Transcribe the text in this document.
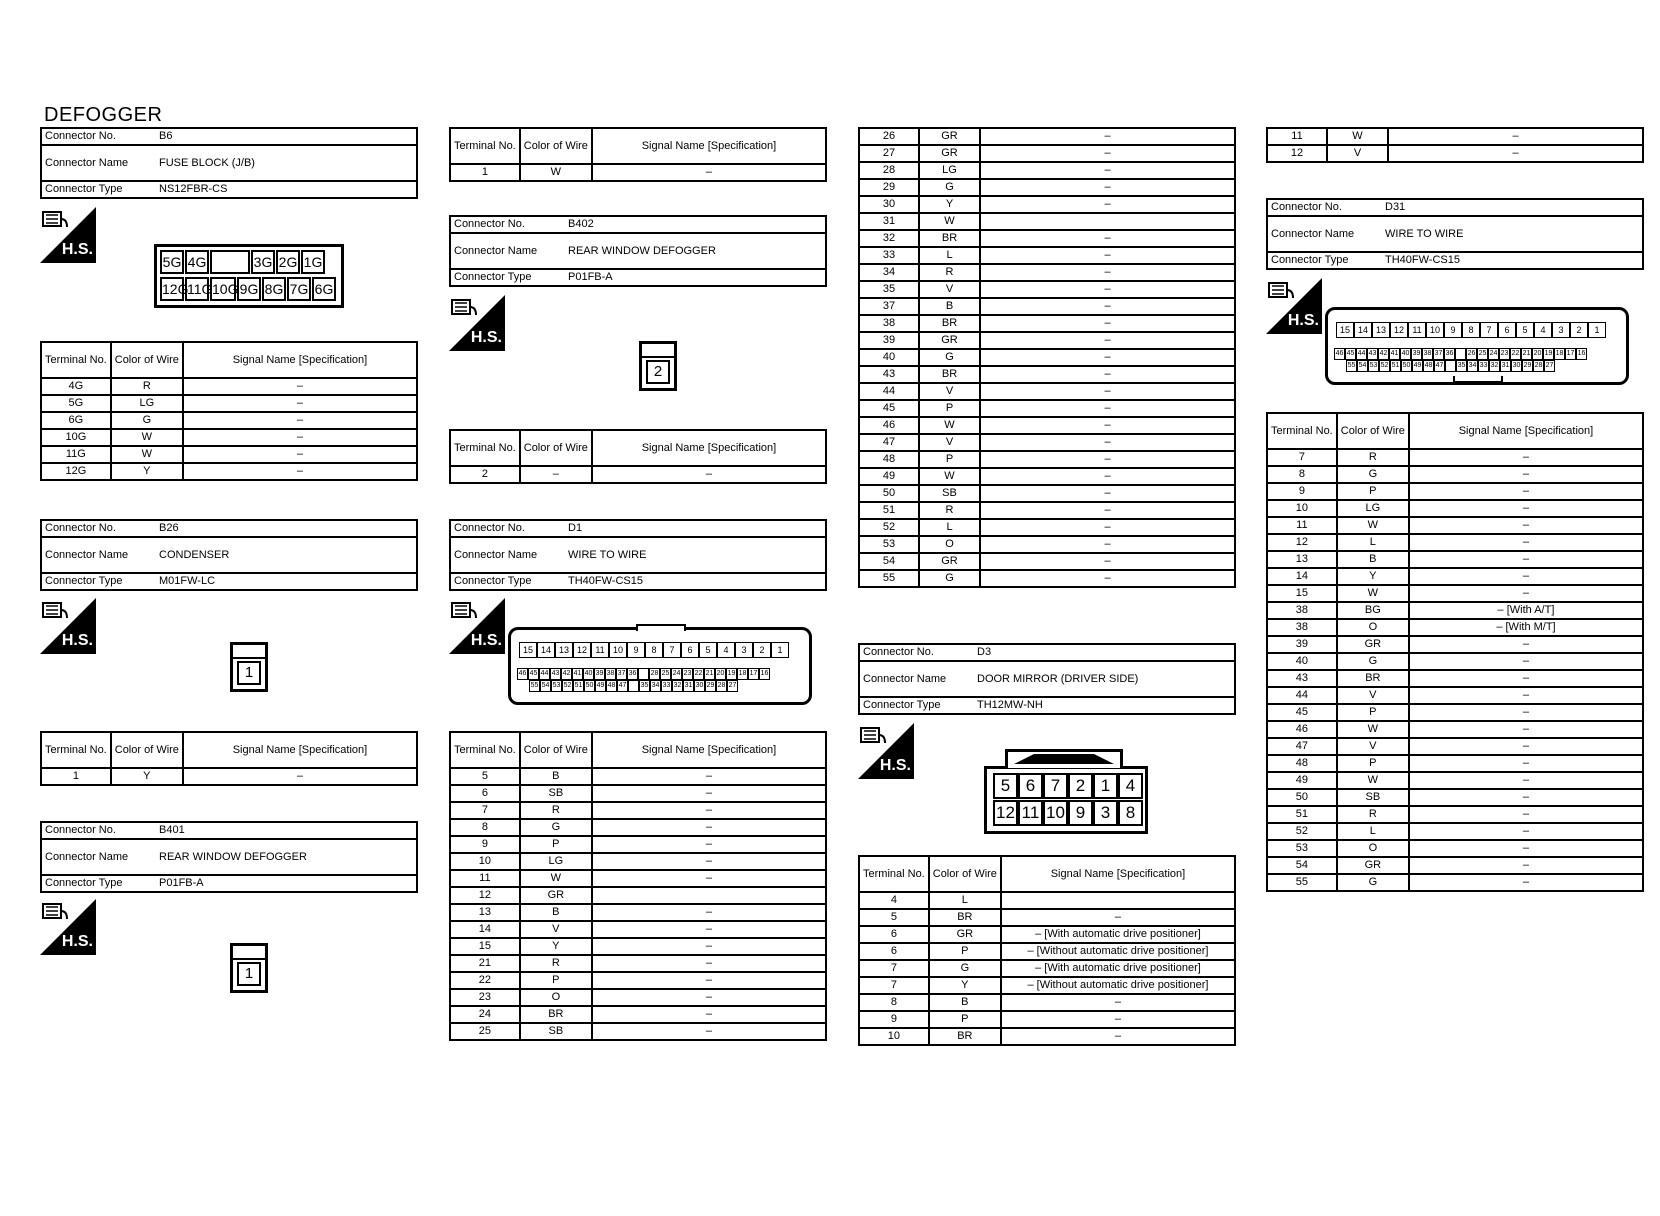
DEFOGGER
Connector No.	B6
Connector Name	FUSE BLOCK (J/B)
Connector Type	NS12FBR-CS
H.S.
5G 4G	3G 2G 1G
12G
11G 10G 9G 8G 7G 6G
Terminal No.	Color of Wire	Signal Name [Specification]
4G	R	–
5G	LG	–
6G	G	–
10G	W	–
11G	W	–
12G	Y	–
Connector No.	B26
Connector Name	CONDENSER
Connector Type	M01FW-LC
H.S.
1
Terminal No.	Color of Wire	Signal Name [Specification]
1	Y	–
Connector No.	B401
Connector Name	REAR WINDOW DEFOGGER
Connector Type	P01FB-A
H.S.
1
Terminal No.	Color of Wire	Signal Name [Specification]
1	W	–
Connector No.	B402
Connector Name	REAR WINDOW DEFOGGER
Connector Type	P01FB-A
H.S.
2
Terminal No.	Color of Wire	Signal Name [Specification]
2	–	–
Connector No.	D1
Connector Name	WIRE TO WIRE
Connector Type	TH40FW-CS15
H.S.
15 14 13 12 11 10	9	8	7	6	5	4	3	2	1
46 45 44 43 42 41 40 39 38 37 36 28 25 24 23 22 21 20 19 18 17 16
55 54 53 52 51 50 49 48 47 35 34 33 32 31 30 29 28 27
Terminal No.	Color of Wire	Signal Name [Specification]
5	B	–
6	SB	–
7	R	–
8	G	–
9	P	–
10	LG	–
11	W	–
12	GR	
13	B	–
14	V	–
15	Y	–
21	R	–
22	P	–
23	O	–
24	BR	–
25	SB	–
26	GR	–
27	GR	–
28	LG	–
29	G	–
30	Y	–
31	W	
32	BR	–
33	L	–
34	R	–
35	V	–
37	B	–
38	BR	–
39	GR	–
40	G	–
43	BR	–
44	V	–
45	P	–
46	W	–
47	V	–
48	P	–
49	W	–
50	SB	–
51	R	–
52	L	–
53	O	–
54	GR	–
55	G	–
Connector No.	D3
Connector Name	DOOR MIRROR (DRIVER SIDE)
Connector Type	TH12MW-NH
H.S.
5 6 7 2 1 4
12 11 10 9 3 8
Terminal No.	Color of Wire	Signal Name [Specification]
4	L	
5	BR	–
6	GR	– [With automatic drive positioner]
6	P	– [Without automatic drive positioner]
7	G	– [With automatic drive positioner]
7	Y	– [Without automatic drive positioner]
8	B	–
9	P	–
10	BR	–
11	W	–
12	V	–
Connector No.	D31
Connector Name	WIRE TO WIRE
Connector Type	TH40FW-CS15
H.S.
15 14 13 12 11 10	9	8	7	6	5	4	3	2	1
46 45 44 43 42 41 40 39 38 37 36 26 25 24 23 22 21 20 19 18 17 16
55 54 53 52 51 50 49 48 47 35 34 33 32 31 30 29 28 27
Terminal No.	Color of Wire	Signal Name [Specification]
7	R	–
8	G	–
9	P	–
10	LG	–
11	W	–
12	L	–
13	B	–
14	Y	–
15	W	–
38	BG	– [With A/T]
38	O	– [With M/T]
39	GR	–
40	G	–
43	BR	–
44	V	–
45	P	–
46	W	–
47	V	–
48	P	–
49	W	–
50	SB	–
51	R	–
52	L	–
53	O	–
54	GR	–
55	G	–
